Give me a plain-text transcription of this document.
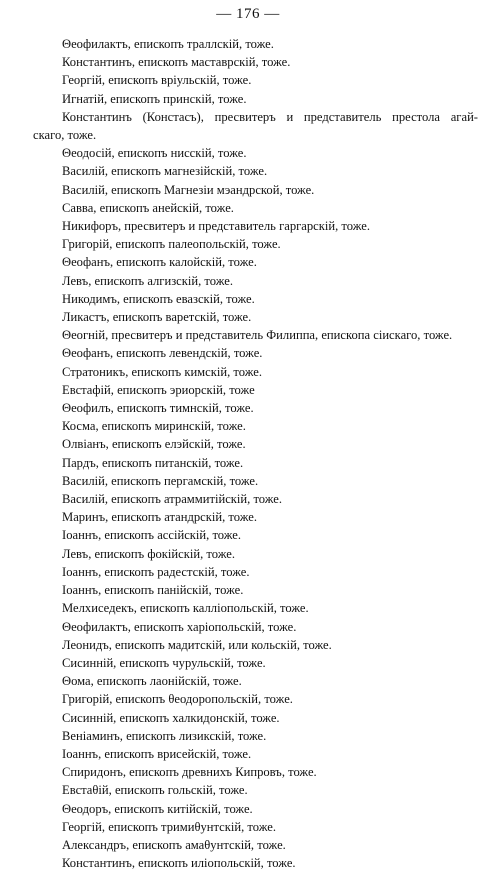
— 176 —
Θеофилактъ, епископъ траллскій, тоже.
Константинъ, епископъ маставрскій, тоже.
Георгій, епископъ вріульскій, тоже.
Игнатій, епископъ принскій, тоже.
Константинъ (Констасъ), пресвитеръ и представитель престола агай-
скаго, тоже.
Θеодосій, епископъ нисскій, тоже.
Василій, епископъ магнезійскій, тоже.
Василій, епископъ Магнезіи мэандрской, тоже.
Савва, епископъ анейскій, тоже.
Никифоръ, пресвитеръ и представитель гаргарскій, тоже.
Григорій, епископъ палеопольскій, тоже.
Θеофанъ, епископъ калойскій, тоже.
Левъ, епископъ алгизскій, тоже.
Никодимъ, епископъ евазскій, тоже.
Ликастъ, епископъ варетскій, тоже.
Θеогній, пресвитеръ и представитель Филиппа, епископа сіискаго, тоже.
Θеофанъ, епископъ левендскій, тоже.
Стратоникъ, епископъ кимскій, тоже.
Евстафій, епископъ эриорскій, тоже
Θеофилъ, епископъ тимнскій, тоже.
Косма, епископъ миринскій, тоже.
Олвіанъ, епископъ елэйскій, тоже.
Пардъ, епископъ питанскій, тоже.
Василій, епископъ пергамскій, тоже.
Василій, епископъ атраммитійскій, тоже.
Маринъ, епископъ атандрскій, тоже.
Іоаннъ, епископъ ассійскій, тоже.
Левъ, епископъ фокійскій, тоже.
Іоаннъ, епископъ радестскій, тоже.
Іоаннъ, епископъ панійскій, тоже.
Мелхиседекъ, епископъ каллiопольскій, тоже.
Θеофилактъ, епископъ харіопольскій, тоже.
Леонидъ, епископъ мадитскій, или кольскій, тоже.
Сисинній, епископъ чурульскій, тоже.
Θома, епископъ лаонійскій, тоже.
Григорій, епископъ θеодоропольскій, тоже.
Сисинній, епископъ халкидонскій, тоже.
Веніаминъ, епископъ лизикскій, тоже.
Іоаннъ, епископъ врисейскій, тоже.
Спиридонъ, епископъ древнихъ Кипровъ, тоже.
Евстаθій, епископъ гольскій, тоже.
Θеодоръ, епископъ китійскій, тоже.
Георгій, епископъ тримиθунтскій, тоже.
Александръ, епископъ амаθунтскій, тоже.
Константинъ, епископъ иліопольскій, тоже.
